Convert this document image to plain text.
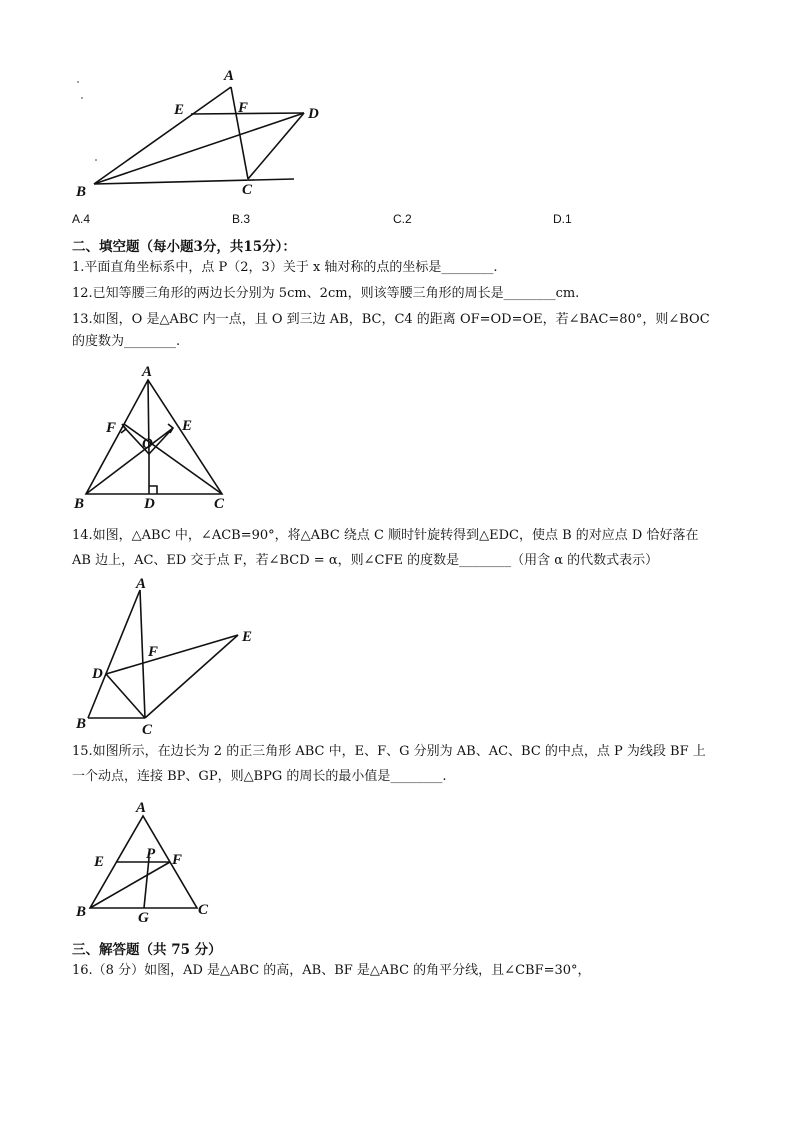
A
E	F	D
B	C
A.4	B.3	C.2	D.1
二、填空题（每小题3分，共15分）：
1.平面直角坐标系中，点 P（2，3）关于 x 轴对称的点的坐标是________.
12.已知等腰三角形的两边长分别为 5cm、2cm，则该等腰三角形的周长是________cm.
13.如图，O 是△ABC 内一点，且 O 到三边 AB，BC，C4 的距离 OF=OD=OE，若∠BAC=80°，则∠BOC
的度数为________.
A
F	E
O
B	D	C
14.如图，△ABC 中，∠ACB=90°，将△ABC 绕点 C 顺时针旋转得到△EDC，使点 B 的对应点 D 恰好落在
AB 边上，AC、ED 交于点 F，若∠BCD = α，则∠CFE 的度数是________（用含 α 的代数式表示）
A
E
F
D
B	C
15.如图所示，在边长为 2 的正三角形 ABC 中，E、F、G 分别为 AB、AC、BC 的中点，点 P 为线段 BF 上
一个动点，连接 BP、GP，则△BPG 的周长的最小值是________.
A
E	P F
B	G	C
三、解答题（共 75 分）
16.（8 分）如图，AD 是△ABC 的高，AB、BF 是△ABC 的角平分线，且∠CBF=30°，
